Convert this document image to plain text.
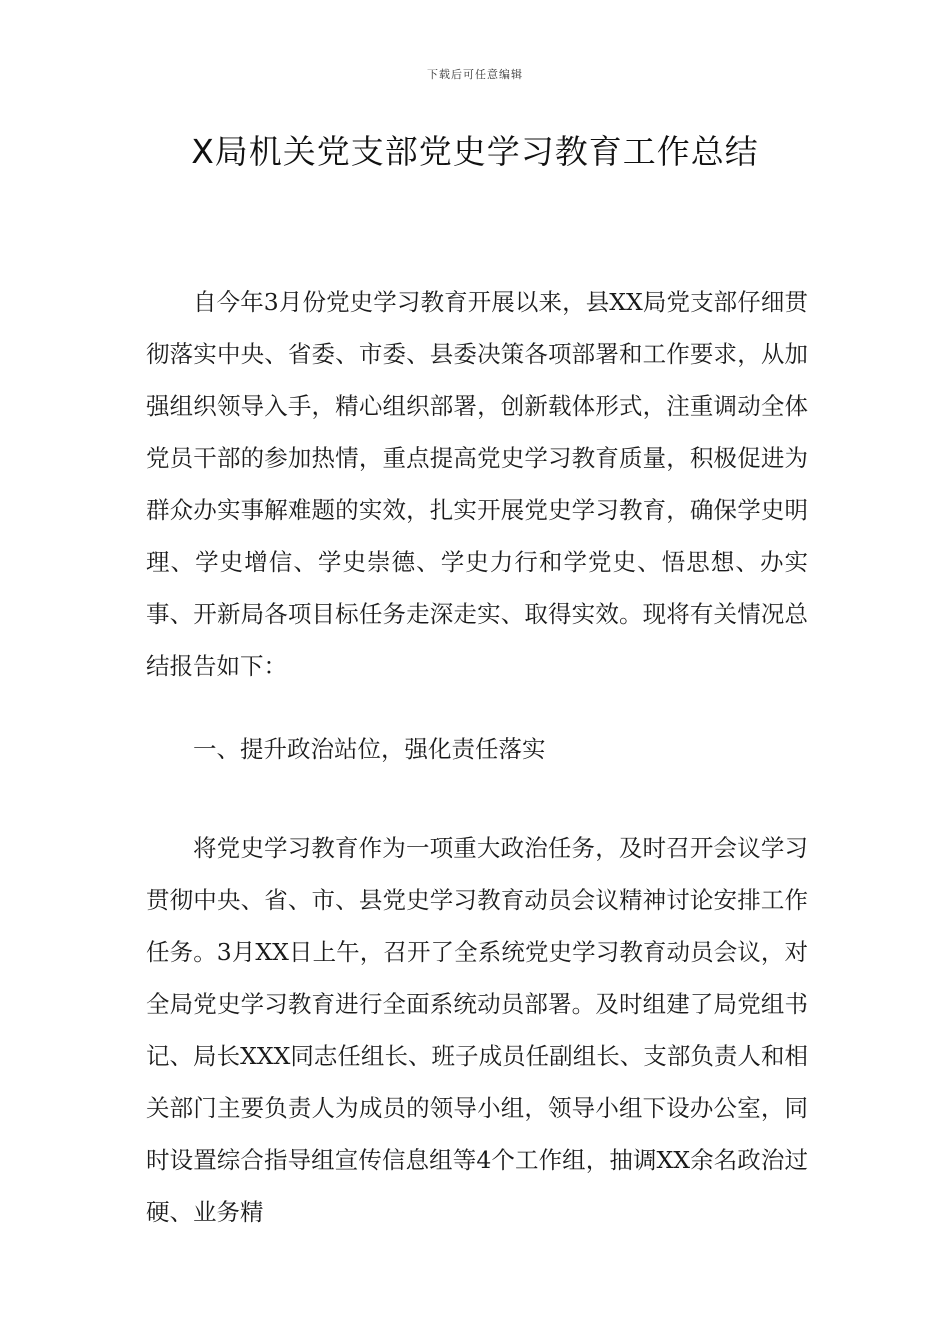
下载后可任意编辑
X局机关党支部党史学习教育工作总结

自今年3月份党史学习教育开展以来，县XX局党支部仔细贯彻落实中央、省委、市委、县委决策各项部署和工作要求，从加强组织领导入手，精心组织部署，创新载体形式，注重调动全体党员干部的参加热情，重点提高党史学习教育质量，积极促进为群众办实事解难题的实效，扎实开展党史学习教育，确保学史明理、学史增信、学史崇德、学史力行和学党史、悟思想、办实事、开新局各项目标任务走深走实、取得实效。现将有关情况总结报告如下：

一、提升政治站位，强化责任落实

将党史学习教育作为一项重大政治任务，及时召开会议学习贯彻中央、省、市、县党史学习教育动员会议精神讨论安排工作任务。3月XX日上午，召开了全系统党史学习教育动员会议，对全局党史学习教育进行全面系统动员部署。及时组建了局党组书记、局长XXX同志任组长、班子成员任副组长、支部负责人和相关部门主要负责人为成员的领导小组，领导小组下设办公室，同时设置综合指导组宣传信息组等4个工作组，抽调XX余名政治过硬、业务精
